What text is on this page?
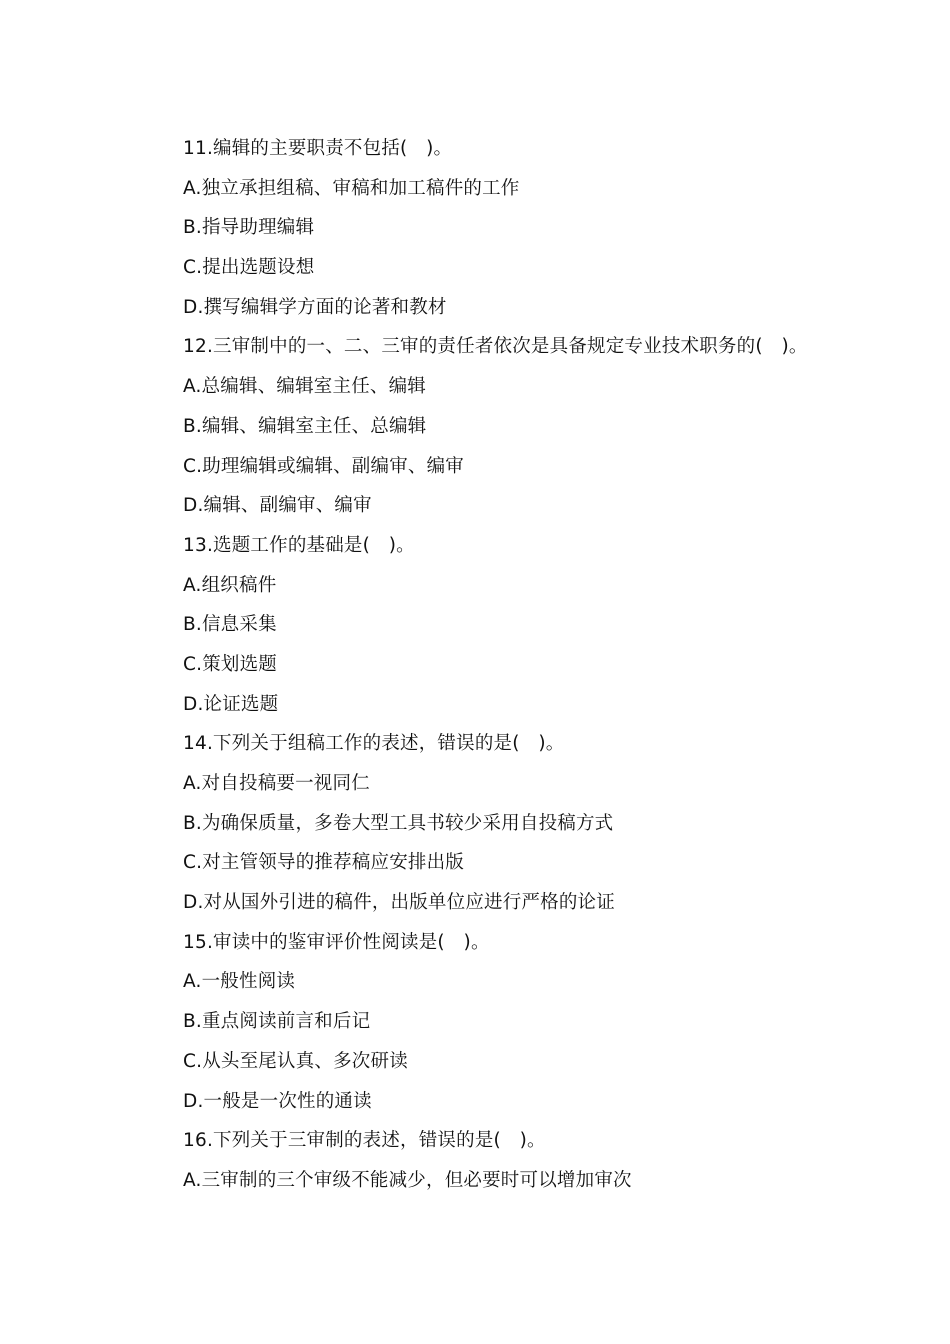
11.编辑的主要职责不包括(　)。
A.独立承担组稿、审稿和加工稿件的工作
B.指导助理编辑
C.提出选题设想
D.撰写编辑学方面的论著和教材
12.三审制中的一、二、三审的责任者依次是具备规定专业技术职务的(　)。
A.总编辑、编辑室主任、编辑
B.编辑、编辑室主任、总编辑
C.助理编辑或编辑、副编审、编审
D.编辑、副编审、编审
13.选题工作的基础是(　)。
A.组织稿件
B.信息采集
C.策划选题
D.论证选题
14.下列关于组稿工作的表述，错误的是(　)。
A.对自投稿要一视同仁
B.为确保质量，多卷大型工具书较少采用自投稿方式
C.对主管领导的推荐稿应安排出版
D.对从国外引进的稿件，出版单位应进行严格的论证
15.审读中的鉴审评价性阅读是(　)。
A.一般性阅读
B.重点阅读前言和后记
C.从头至尾认真、多次研读
D.一般是一次性的通读
16.下列关于三审制的表述，错误的是(　)。
A.三审制的三个审级不能减少，但必要时可以增加审次
